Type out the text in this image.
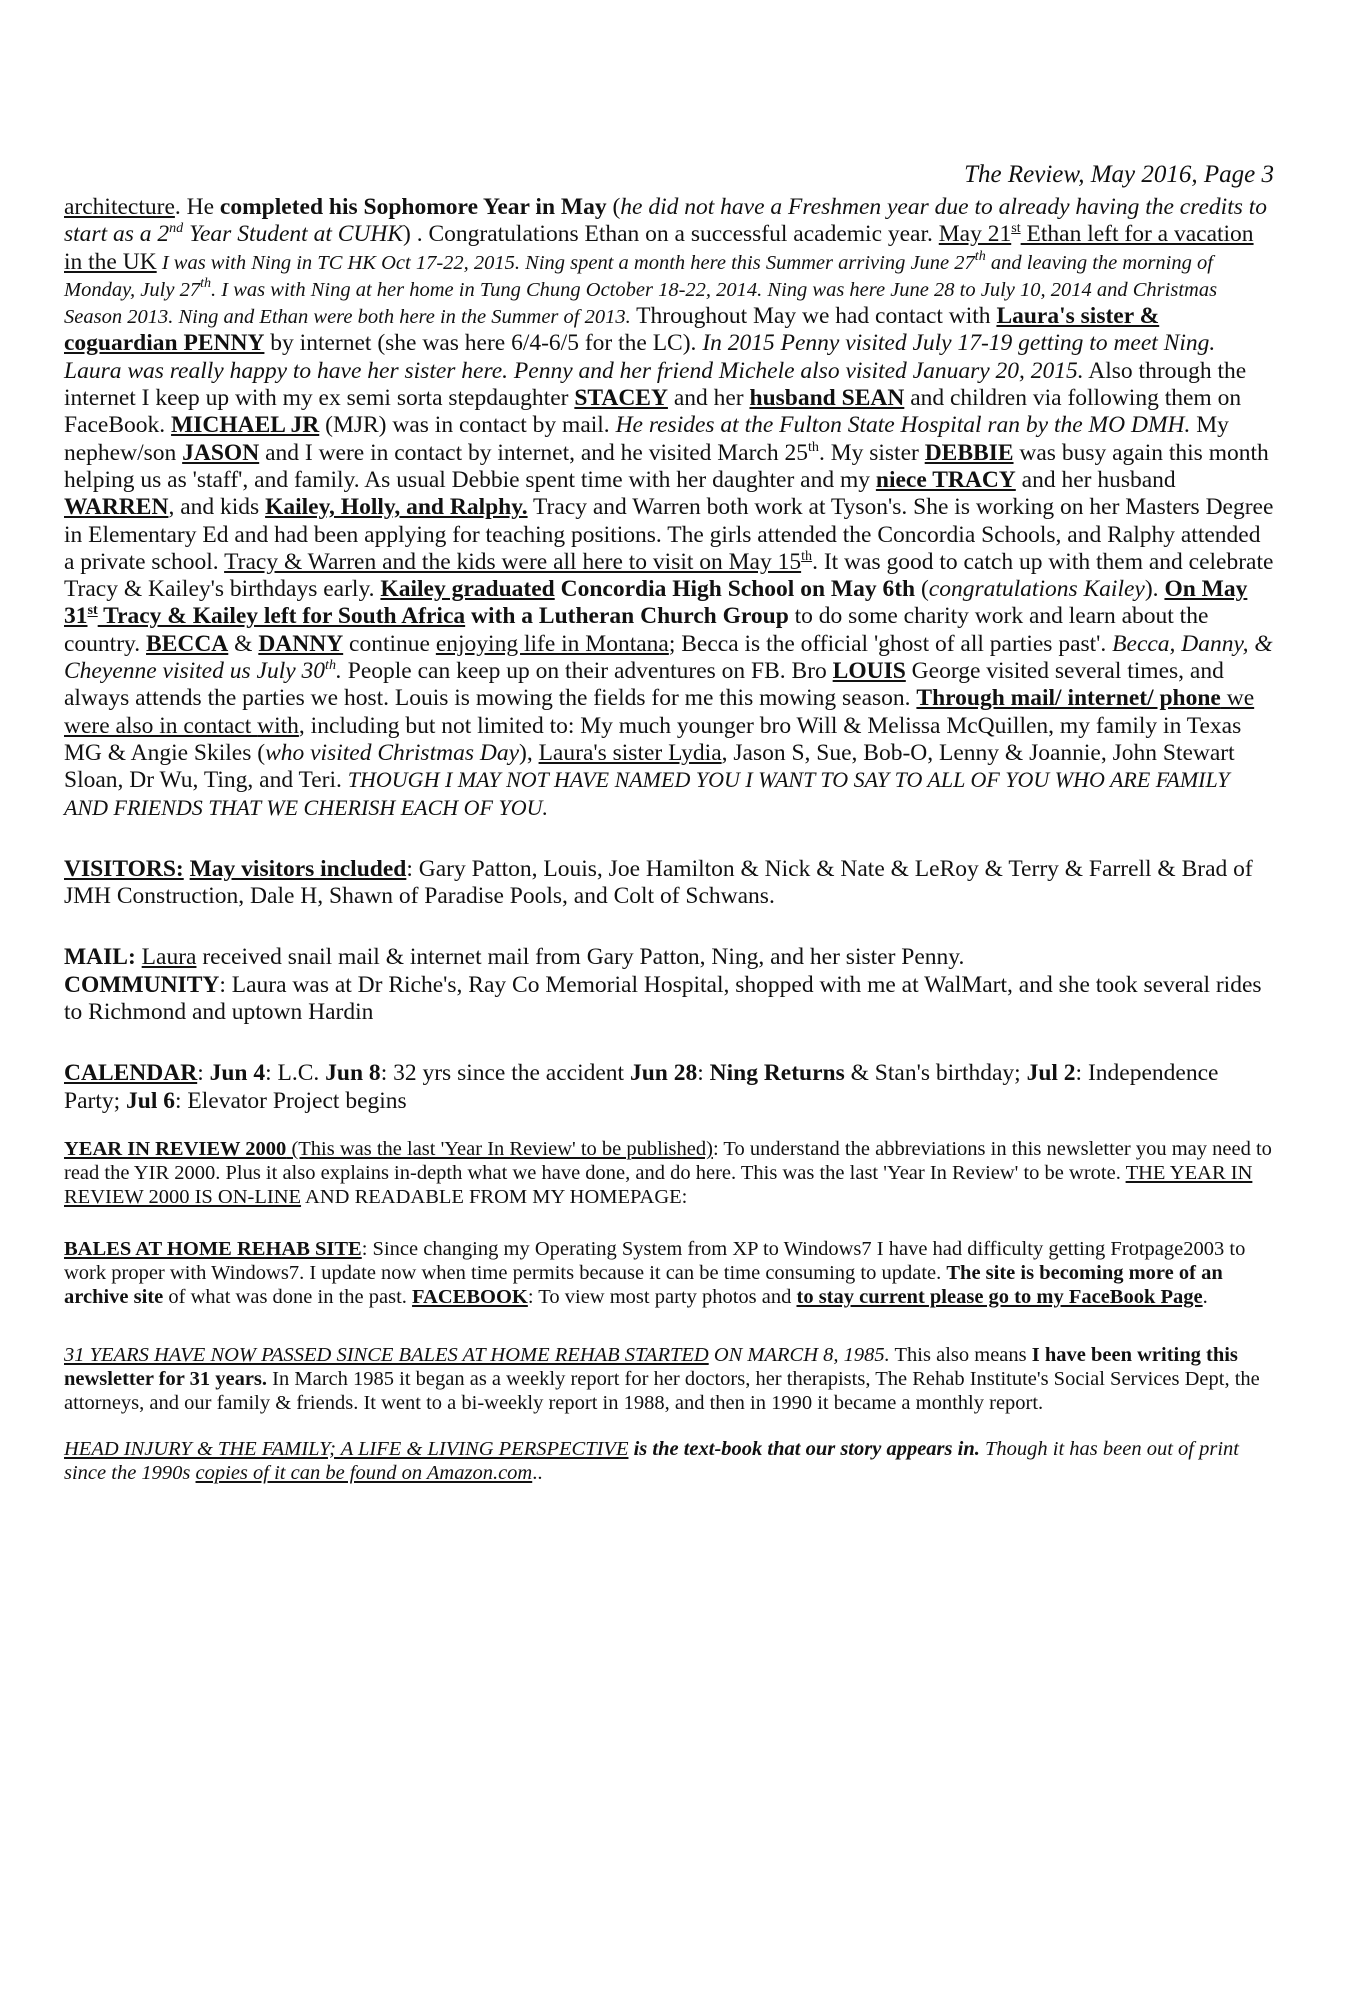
The Review, May 2016, Page 3

architecture. He completed his Sophomore Year in May (he did not have a Freshmen year due to already having the credits to start as a 2nd Year Student at CUHK) . Congratulations Ethan on a successful academic year. May 21st Ethan left for a vacation in the UK I was with Ning in TC HK Oct 17-22, 2015. Ning spent a month here this Summer arriving June 27th and leaving the morning of Monday, July 27th. I was with Ning at her home in Tung Chung October 18-22, 2014. Ning was here June 28 to July 10, 2014 and Christmas Season 2013. Ning and Ethan were both here in the Summer of 2013. Throughout May we had contact with Laura's sister & coguardian PENNY by internet (she was here 6/4-6/5 for the LC). In 2015 Penny visited July 17-19 getting to meet Ning. Laura was really happy to have her sister here. Penny and her friend Michele also visited January 20, 2015. Also through the internet I keep up with my ex semi sorta stepdaughter STACEY and her husband SEAN and children via following them on FaceBook. MICHAEL JR (MJR) was in contact by mail. He resides at the Fulton State Hospital ran by the MO DMH. My nephew/son JASON and I were in contact by internet, and he visited March 25th. My sister DEBBIE was busy again this month helping us as 'staff', and family. As usual Debbie spent time with her daughter and my niece TRACY and her husband WARREN, and kids Kailey, Holly, and Ralphy. Tracy and Warren both work at Tyson's. She is working on her Masters Degree in Elementary Ed and had been applying for teaching positions. The girls attended the Concordia Schools, and Ralphy attended a private school. Tracy & Warren and the kids were all here to visit on May 15th. It was good to catch up with them and celebrate Tracy & Kailey's birthdays early. Kailey graduated Concordia High School on May 6th (congratulations Kailey). On May 31st Tracy & Kailey left for South Africa with a Lutheran Church Group to do some charity work and learn about the country. BECCA & DANNY continue enjoying life in Montana; Becca is the official 'ghost of all parties past'. Becca, Danny, & Cheyenne visited us July 30th. People can keep up on their adventures on FB. Bro LOUIS George visited several times, and always attends the parties we host. Louis is mowing the fields for me this mowing season. Through mail/ internet/ phone we were also in contact with, including but not limited to: My much younger bro Will & Melissa McQuillen, my family in Texas MG & Angie Skiles (who visited Christmas Day), Laura's sister Lydia, Jason S, Sue, Bob-O, Lenny & Joannie, John Stewart Sloan, Dr Wu, Ting, and Teri. THOUGH I MAY NOT HAVE NAMED YOU I WANT TO SAY TO ALL OF YOU WHO ARE FAMILY AND FRIENDS THAT WE CHERISH EACH OF YOU.

VISITORS: May visitors included: Gary Patton, Louis, Joe Hamilton & Nick & Nate & LeRoy & Terry & Farrell & Brad of JMH Construction, Dale H, Shawn of Paradise Pools, and Colt of Schwans.

MAIL: Laura received snail mail & internet mail from Gary Patton, Ning, and her sister Penny.

COMMUNITY: Laura was at Dr Riche's, Ray Co Memorial Hospital, shopped with me at WalMart, and she took several rides to Richmond and uptown Hardin

CALENDAR: Jun 4: L.C. Jun 8: 32 yrs since the accident Jun 28: Ning Returns & Stan's birthday; Jul 2: Independence Party; Jul 6: Elevator Project begins

YEAR IN REVIEW 2000 (This was the last 'Year In Review' to be published): To understand the abbreviations in this newsletter you may need to read the YIR 2000. Plus it also explains in-depth what we have done, and do here. This was the last 'Year In Review' to be wrote. THE YEAR IN REVIEW 2000 IS ON-LINE AND READABLE FROM MY HOMEPAGE:

BALES AT HOME REHAB SITE: Since changing my Operating System from XP to Windows7 I have had difficulty getting Frotpage2003 to work proper with Windows7. I update now when time permits because it can be time consuming to update. The site is becoming more of an archive site of what was done in the past. FACEBOOK: To view most party photos and to stay current please go to my FaceBook Page.

31 YEARS HAVE NOW PASSED SINCE BALES AT HOME REHAB STARTED ON MARCH 8, 1985. This also means I have been writing this newsletter for 31 years. In March 1985 it began as a weekly report for her doctors, her therapists, The Rehab Institute's Social Services Dept, the attorneys, and our family & friends. It went to a bi-weekly report in 1988, and then in 1990 it became a monthly report.

HEAD INJURY & THE FAMILY; A LIFE & LIVING PERSPECTIVE is the text-book that our story appears in. Though it has been out of print since the 1990s copies of it can be found on Amazon.com..
